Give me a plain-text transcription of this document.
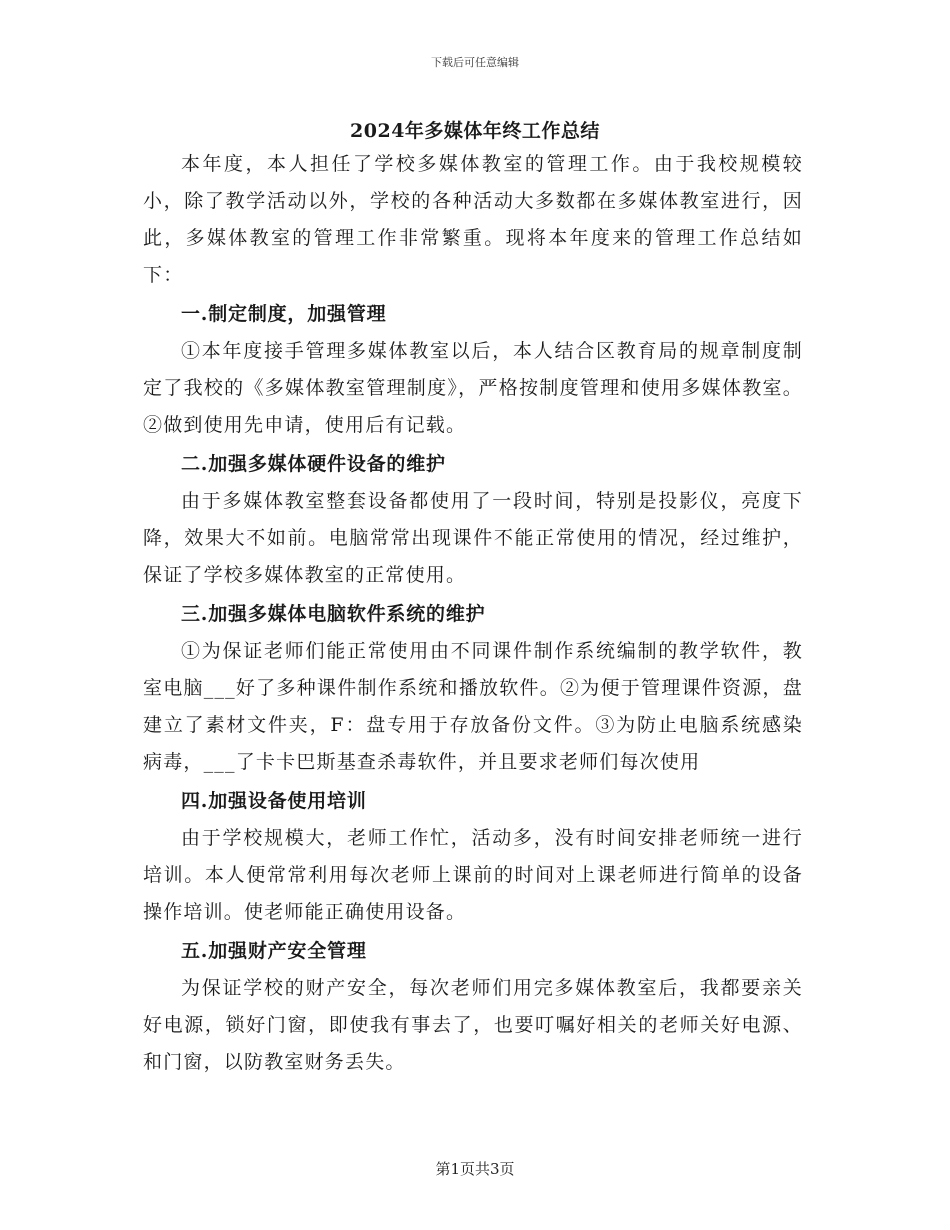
下载后可任意编辑
2024年多媒体年终工作总结

本年度，本人担任了学校多媒体教室的管理工作。由于我校规模较小，除了教学活动以外，学校的各种活动大多数都在多媒体教室进行，因此，多媒体教室的管理工作非常繁重。现将本年度来的管理工作总结如下：

一.制定制度，加强管理

①本年度接手管理多媒体教室以后，本人结合区教育局的规章制度制定了我校的《多媒体教室管理制度》，严格按制度管理和使用多媒体教室。②做到使用先申请，使用后有记载。

二.加强多媒体硬件设备的维护

由于多媒体教室整套设备都使用了一段时间，特别是投影仪，亮度下降，效果大不如前。电脑常常出现课件不能正常使用的情况，经过维护，保证了学校多媒体教室的正常使用。

三.加强多媒体电脑软件系统的维护

①为保证老师们能正常使用由不同课件制作系统编制的教学软件，教室电脑___好了多种课件制作系统和播放软件。②为便于管理课件资源，盘建立了素材文件夹，F：盘专用于存放备份文件。③为防止电脑系统感染病毒，___了卡卡巴斯基查杀毒软件，并且要求老师们每次使用

四.加强设备使用培训

由于学校规模大，老师工作忙，活动多，没有时间安排老师统一进行培训。本人便常常利用每次老师上课前的时间对上课老师进行简单的设备操作培训。使老师能正确使用设备。

五.加强财产安全管理

为保证学校的财产安全，每次老师们用完多媒体教室后，我都要亲关好电源，锁好门窗，即使我有事去了，也要叮嘱好相关的老师关好电源、和门窗，以防教室财务丢失。

第1页共3页
